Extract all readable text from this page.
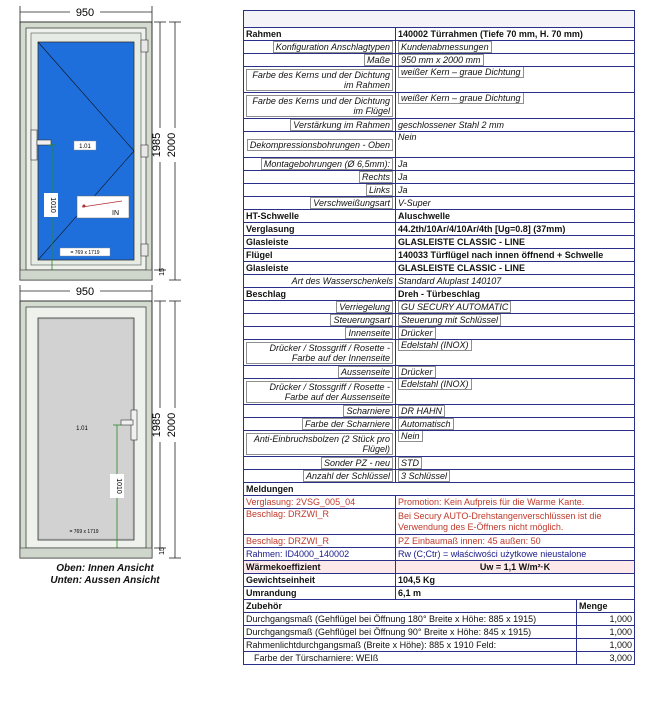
950
1.01
IN
= 769 x 1719
1010
1985 2000
15
950
1.01
1010
= 769 x 1719
1985 2000
15
Oben: Innen Ansicht
Unten: Aussen Ansicht

Rahmen	140002 Türrahmen (Tiefe 70 mm, H. 70 mm)	
Konfiguration Anschlagtypen	Kundenabmessungen	
Maße	950 mm x 2000 mm	
Farbe des Kerns und der Dichtung im Rahmen	weißer Kern – graue Dichtung	
Farbe des Kerns und der Dichtung im Flügel	weißer Kern – graue Dichtung	
Verstärkung im Rahmen	geschlossener Stahl 2 mm	
Dekompressionsbohrungen - Oben	Nein	
Montagebohrungen (Ø 6,5mm):	Ja	
Rechts	Ja	
Links	Ja	
Verschweißungsart	V-Super	
HT-Schwelle	Aluschwelle	
Verglasung	44.2th/10Ar/4/10Ar/4th [Ug=0.8] (37mm)	
Glasleiste	GLASLEISTE CLASSIC - LINE	
Flügel	140033 Türflügel nach innen öffnend + Schwelle	
Glasleiste	GLASLEISTE CLASSIC - LINE	
Art des Wasserschenkels	Standard Aluplast 140107	
Beschlag	Dreh - Türbeschlag	
Verriegelung	GU SECURY AUTOMATIC	
Steuerungsart	Steuerung mit Schlüssel	
Innenseite	Drücker	
Drücker / Stossgriff / Rosette - Farbe auf der Innenseite	Edelstahl (INOX)	
Aussenseite	Drücker	
Drücker / Stossgriff / Rosette - Farbe auf der Aussenseite	Edelstahl (INOX)	
Scharniere	DR HAHN	
Farbe der Scharniere	Automatisch	
Anti-Einbruchsbolzen (2 Stück pro Flügel)	Nein	
Sonder PZ - neu	STD	
Anzahl der Schlüssel	3 Schlüssel	
Meldungen		
Verglasung: 2VSG_005_04	Promotion: Kein Aufpreis für die Warme Kante.	
Beschlag: DRZWI_R	Bei Secury AUTO-Drehstangenverschlüssen ist die Verwendung des E-Öffners nicht möglich.	
Beschlag: DRZWI_R	PZ Einbaumaß innen: 45 außen: 50	
Rahmen: ID4000_140002	Rw (C;Ctr) = właściwości użytkowe nieustalone	
Wärmekoeffizient	Uw = 1,1 W/m²·K	
Gewichtseinheit	104,5 Kg	
Umrandung	6,1 m	
Zubehör		Menge
Durchgangsmaß (Gehflügel bei Öffnung 180° Breite x Höhe: 885 x 1915)		1,000
Durchgangsmaß (Gehflügel bei Öffnung 90° Breite x Höhe: 845 x 1915)		1,000
Rahmenlichtdurchgangsmaß (Breite x Höhe): 885 x 1910 Feld:		1,000
Farbe der Türscharniere: WEIß		3,000
